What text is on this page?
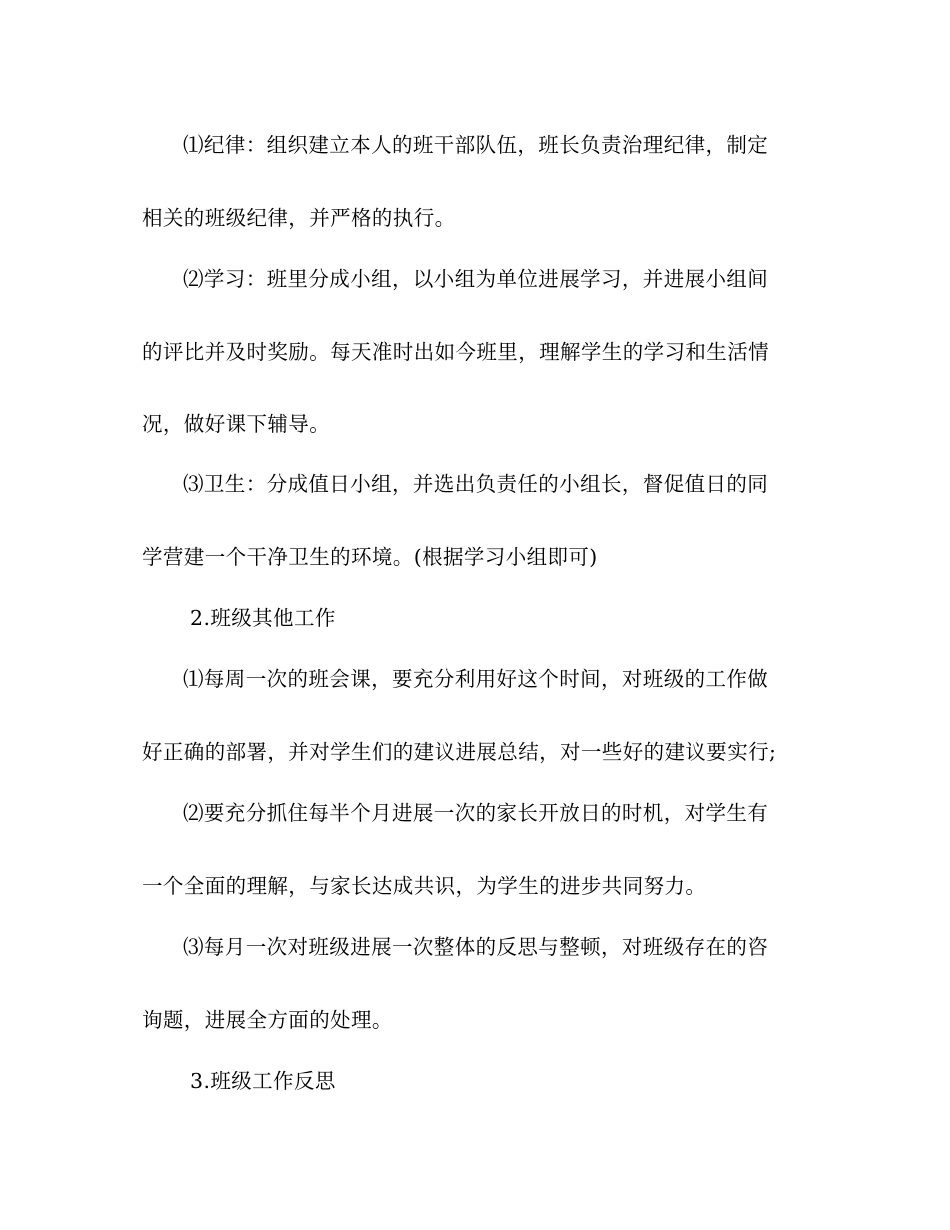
⑴纪律：组织建立本人的班干部队伍，班长负责治理纪律，制定
相关的班级纪律，并严格的执行。
⑵学习：班里分成小组，以小组为单位进展学习，并进展小组间
的评比并及时奖励。每天准时出如今班里，理解学生的学习和生活情
况，做好课下辅导。
⑶卫生：分成值日小组，并选出负责任的小组长，督促值日的同
学营建一个干净卫生的环境。(根据学习小组即可)
2.班级其他工作
⑴每周一次的班会课，要充分利用好这个时间，对班级的工作做
好正确的部署，并对学生们的建议进展总结，对一些好的建议要实行;
⑵要充分抓住每半个月进展一次的家长开放日的时机，对学生有
一个全面的理解，与家长达成共识，为学生的进步共同努力。
⑶每月一次对班级进展一次整体的反思与整顿，对班级存在的咨
询题，进展全方面的处理。
3.班级工作反思
